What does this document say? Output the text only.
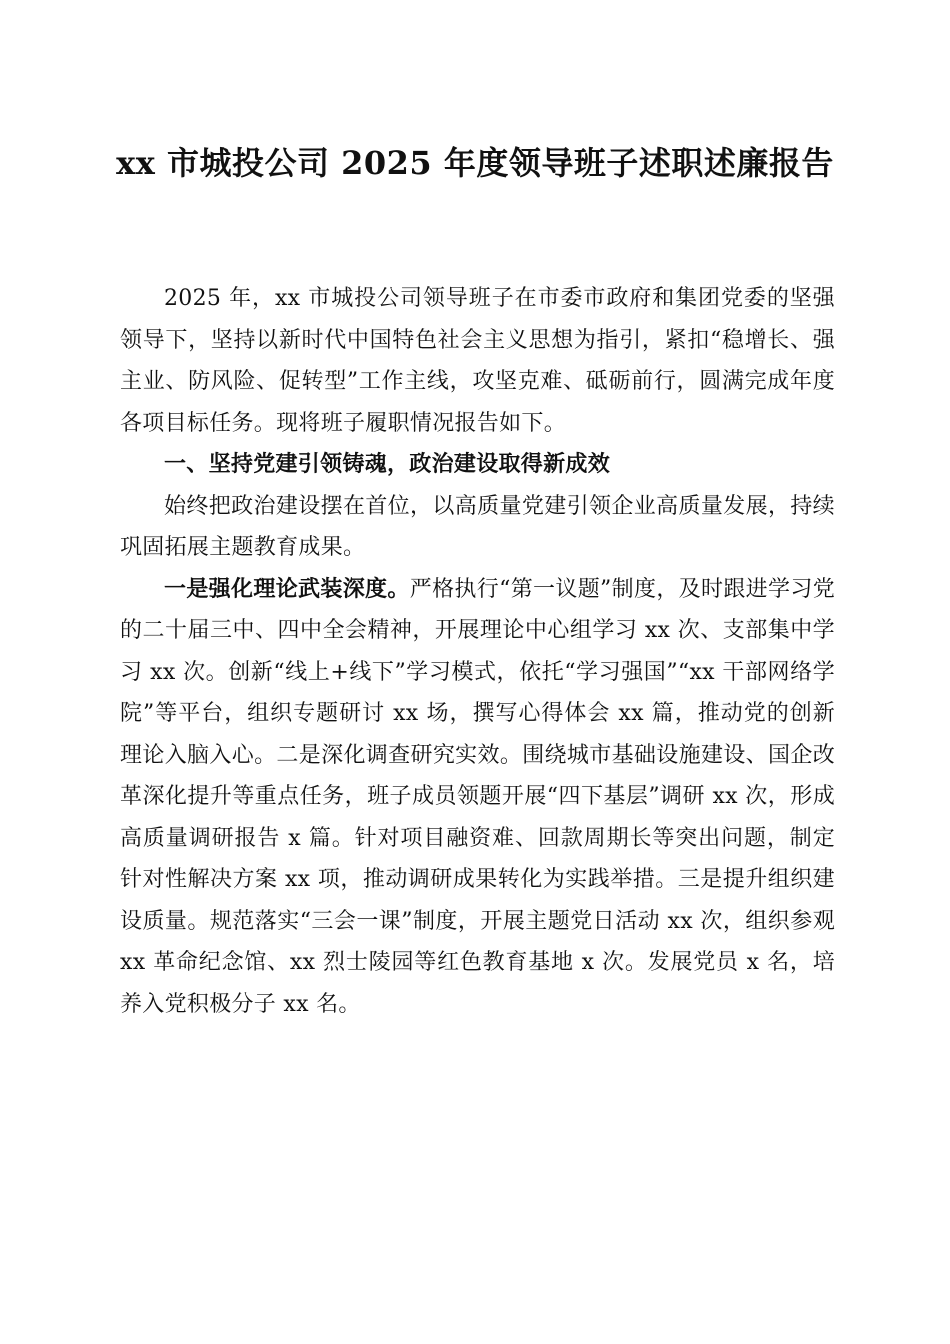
xx 市城投公司 2025 年度领导班子述职述廉报告

2025 年，xx 市城投公司领导班子在市委市政府和集团党委的坚强领导下，坚持以新时代中国特色社会主义思想为指引，紧扣“稳增长、强主业、防风险、促转型”工作主线，攻坚克难、砥砺前行，圆满完成年度各项目标任务。现将班子履职情况报告如下。

一、坚持党建引领铸魂，政治建设取得新成效

始终把政治建设摆在首位，以高质量党建引领企业高质量发展，持续巩固拓展主题教育成果。

一是强化理论武装深度。严格执行“第一议题”制度，及时跟进学习党的二十届三中、四中全会精神，开展理论中心组学习 xx 次、支部集中学习 xx 次。创新“线上+线下”学习模式，依托“学习强国”“xx 干部网络学院”等平台，组织专题研讨 xx 场，撰写心得体会 xx 篇，推动党的创新理论入脑入心。二是深化调查研究实效。围绕城市基础设施建设、国企改革深化提升等重点任务，班子成员领题开展“四下基层”调研 xx 次，形成高质量调研报告 x 篇。针对项目融资难、回款周期长等突出问题，制定针对性解决方案 xx 项，推动调研成果转化为实践举措。三是提升组织建设质量。规范落实“三会一课”制度，开展主题党日活动 xx 次，组织参观 xx 革命纪念馆、xx 烈士陵园等红色教育基地 x 次。发展党员 x 名，培养入党积极分子 xx 名。
